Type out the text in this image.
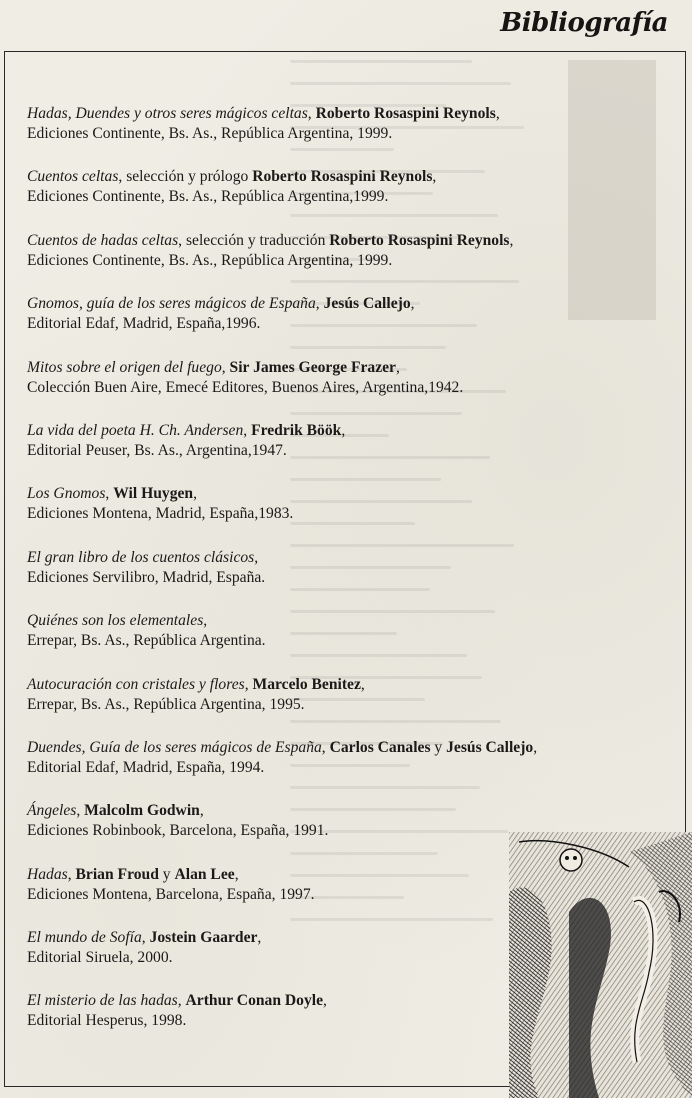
Bibliografía
Hadas, Duendes y otros seres mágicos celtas, Roberto Rosaspini Reynols,
Ediciones Continente, Bs. As., República Argentina, 1999.
Cuentos celtas, selección y prólogo Roberto Rosaspini Reynols,
Ediciones Continente, Bs. As., República Argentina,1999.
Cuentos de hadas celtas, selección y traducción Roberto Rosaspini Reynols,
Ediciones Continente, Bs. As., República Argentina, 1999.
Gnomos, guía de los seres mágicos de España, Jesús Callejo,
Editorial Edaf, Madrid, España,1996.
Mitos sobre el origen del fuego, Sir James George Frazer,
Colección Buen Aire, Emecé Editores, Buenos Aires, Argentina,1942.
La vida del poeta H. Ch. Andersen, Fredrik Böök,
Editorial Peuser, Bs. As., Argentina,1947.
Los Gnomos, Wil Huygen,
Ediciones Montena, Madrid, España,1983.
El gran libro de los cuentos clásicos,
Ediciones Servilibro, Madrid, España.
Quiénes son los elementales,
Errepar, Bs. As., República Argentina.
Autocuración con cristales y flores, Marcelo Benitez,
Errepar, Bs. As., República Argentina, 1995.
Duendes, Guía de los seres mágicos de España, Carlos Canales y Jesús Callejo,
Editorial Edaf, Madrid, España, 1994.
Ángeles, Malcolm Godwin,
Ediciones Robinbook, Barcelona, España, 1991.
Hadas, Brian Froud y Alan Lee,
Ediciones Montena, Barcelona, España, 1997.
El mundo de Sofía, Jostein Gaarder,
Editorial Siruela, 2000.
El misterio de las hadas, Arthur Conan Doyle,
Editorial Hesperus, 1998.
